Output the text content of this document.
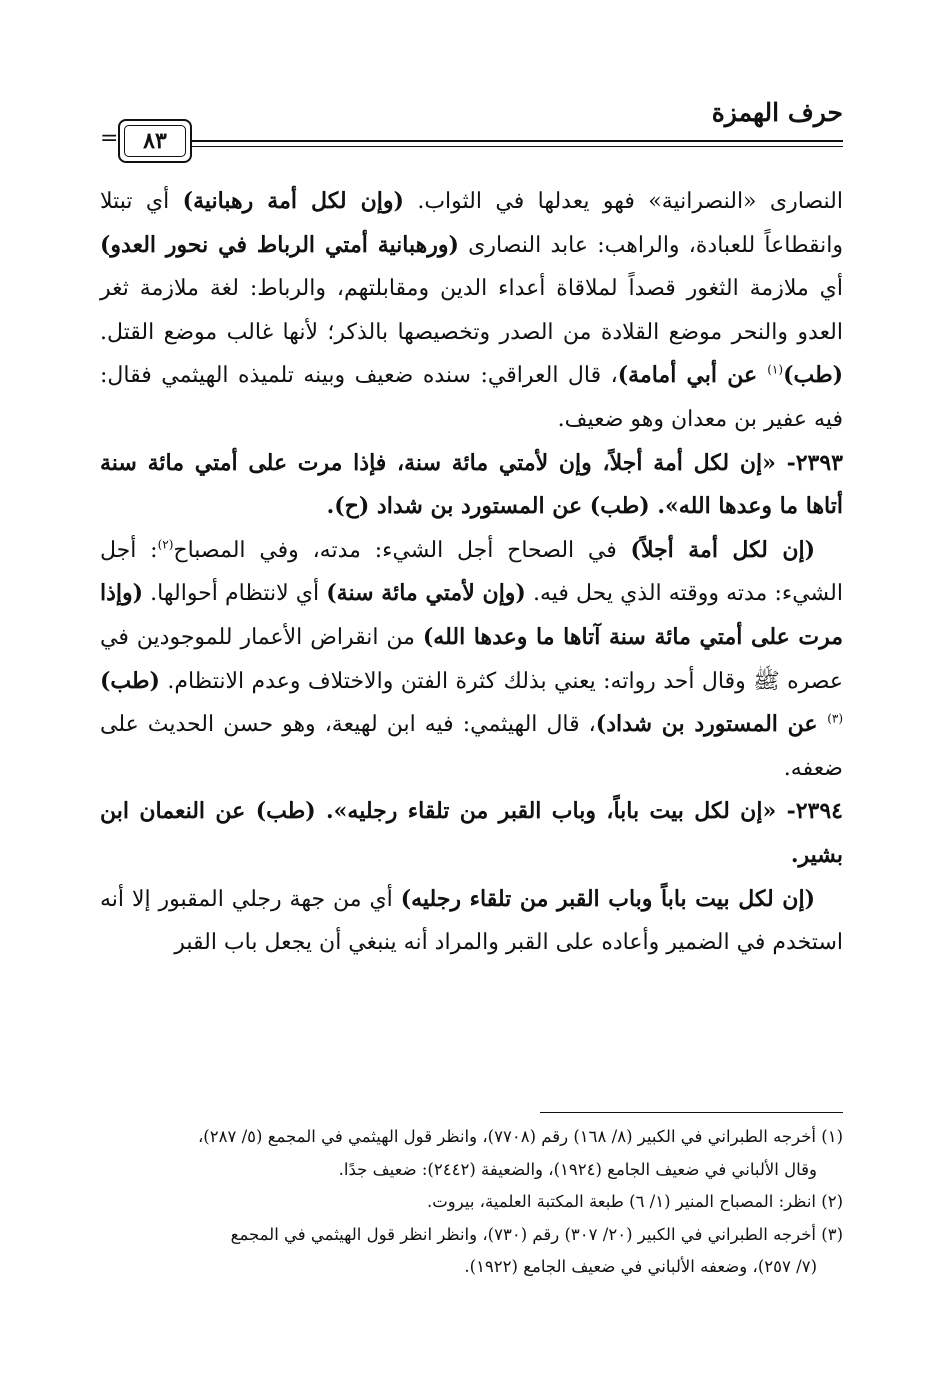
حرف الهمزة
=	٨٣

النصارى «النصرانية» فهو يعدلها في الثواب. (وإن لكل أمة رهبانية) أي تبتلا وانقطاعاً للعبادة، والراهب: عابد النصارى (ورهبانية أمتي الرباط في نحور العدو) أي ملازمة الثغور قصداً لملاقاة أعداء الدين ومقابلتهم، والرباط: لغة ملازمة ثغر العدو والنحر موضع القلادة من الصدر وتخصيصها بالذكر؛ لأنها غالب موضع القتل. (طب)$^{(١)}$ عن أبي أمامة)، قال العراقي: سنده ضعيف وبينه تلميذه الهيثمي فقال: فيه عفير بن معدان وهو ضعيف.

٢٣٩٣- «إن لكل أمة أجلاً، وإن لأمتي مائة سنة، فإذا مرت على أمتي مائة سنة أتاها ما وعدها الله». (طب) عن المستورد بن شداد (ح).

(إن لكل أمة أجلاً) في الصحاح أجل الشيء: مدته، وفي المصباح$^{(٢)}$: أجل الشيء: مدته ووقته الذي يحل فيه. (وإن لأمتي مائة سنة) أي لانتظام أحوالها. (وإذا مرت على أمتي مائة سنة آتاها ما وعدها الله) من انقراض الأعمار للموجودين في عصره ﷺ وقال أحد رواته: يعني بذلك كثرة الفتن والاختلاف وعدم الانتظام. (طب)$^{(٣)}$ عن المستورد بن شداد)، قال الهيثمي: فيه ابن لهيعة، وهو حسن الحديث على ضعفه.

٢٣٩٤- «إن لكل بيت باباً، وباب القبر من تلقاء رجليه». (طب) عن النعمان ابن بشير.

(إن لكل بيت باباً وباب القبر من تلقاء رجليه) أي من جهة رجلي المقبور إلا أنه استخدم في الضمير وأعاده على القبر والمراد أنه ينبغي أن يجعل باب القبر

(١) أخرجه الطبراني في الكبير (٨/ ١٦٨) رقم (٧٧٠٨)، وانظر قول الهيثمي في المجمع (٥/ ٢٨٧)،

وقال الألباني في ضعيف الجامع (١٩٢٤)، والضعيفة (٢٤٤٢): ضعيف جدًا.

(٢) انظر: المصباح المنير (١/ ٦) طبعة المكتبة العلمية، بيروت.

(٣) أخرجه الطبراني في الكبير (٢٠/ ٣٠٧) رقم (٧٣٠)، وانظر انظر قول الهيثمي في المجمع

(٧/ ٢٥٧)، وضعفه الألباني في ضعيف الجامع (١٩٢٢).
